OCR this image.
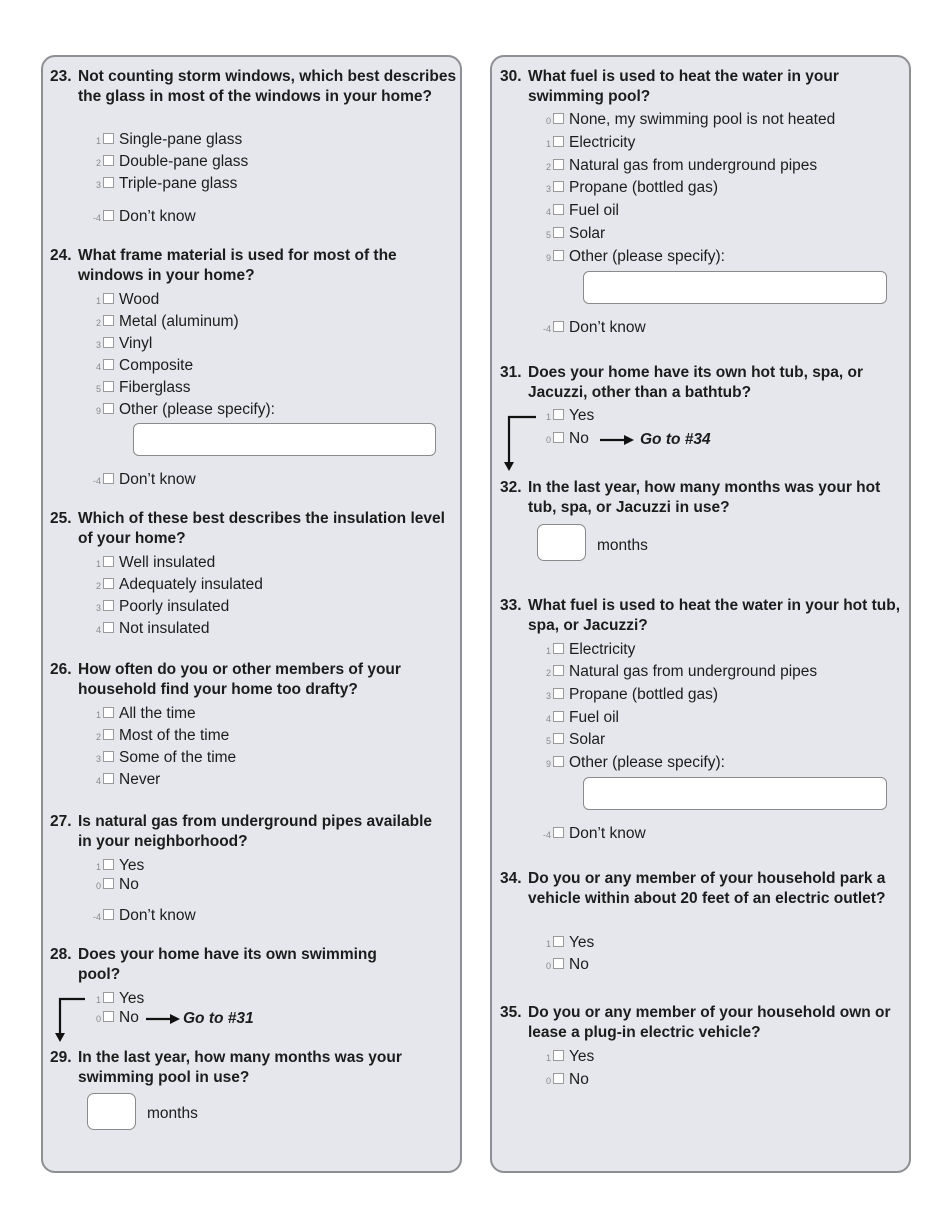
23. Not counting storm windows, which best describes the glass in most of the windows in your home?
1 Single-pane glass
2 Double-pane glass
3 Triple-pane glass
-4 Don’t know
24. What frame material is used for most of the windows in your home?
1 Wood
2 Metal (aluminum)
3 Vinyl
4 Composite
5 Fiberglass
9 Other (please specify):
-4 Don’t know
25. Which of these best describes the insulation level of your home?
1 Well insulated
2 Adequately insulated
3 Poorly insulated
4 Not insulated
26. How often do you or other members of your household find your home too drafty?
1 All the time
2 Most of the time
3 Some of the time
4 Never
27. Is natural gas from underground pipes available in your neighborhood?
1 Yes
0 No
-4 Don’t know
28. Does your home have its own swimming pool?
1 Yes
0 No	Go to #31
29. In the last year, how many months was your swimming pool in use?
months
30. What fuel is used to heat the water in your swimming pool?
0 None, my swimming pool is not heated
1 Electricity
2 Natural gas from underground pipes
3 Propane (bottled gas)
4 Fuel oil
5 Solar
9 Other (please specify):
-4 Don’t know
31. Does your home have its own hot tub, spa, or Jacuzzi, other than a bathtub?
1 Yes
0 No	Go to #34
32. In the last year, how many months was your hot tub, spa, or Jacuzzi in use?
months
33. What fuel is used to heat the water in your hot tub, spa, or Jacuzzi?
1 Electricity
2 Natural gas from underground pipes
3 Propane (bottled gas)
4 Fuel oil
5 Solar
9 Other (please specify):
-4 Don’t know
34. Do you or any member of your household park a vehicle within about 20 feet of an electric outlet?
1 Yes
0 No
35. Do you or any member of your household own or lease a plug-in electric vehicle?
1 Yes
0 No
